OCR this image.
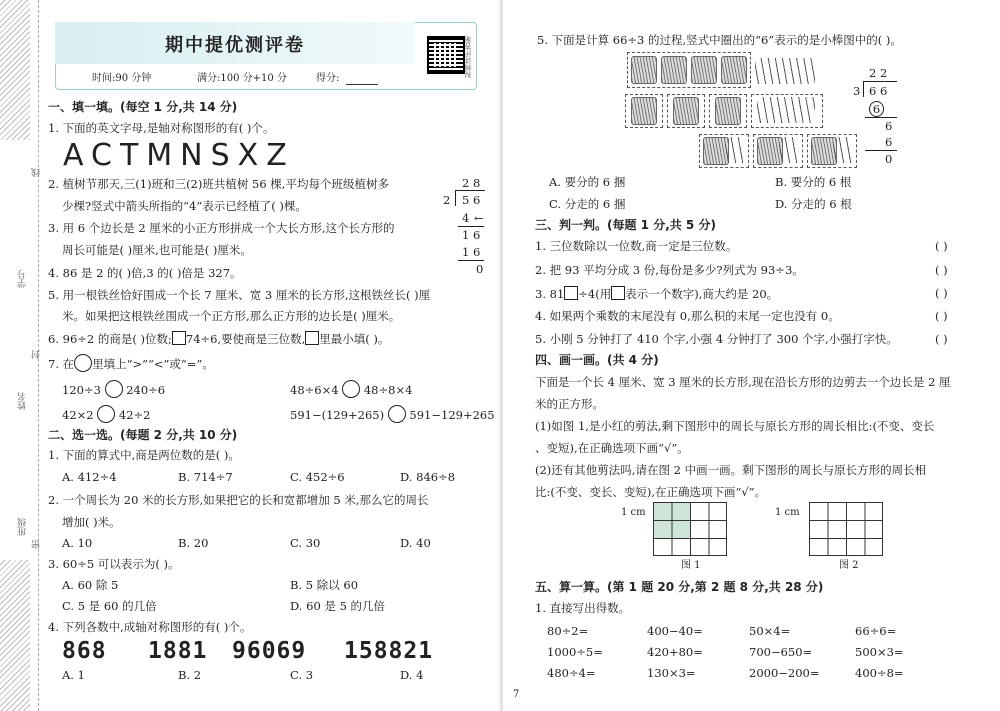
学号
姓名
班级
线
封
密
期中提优测评卷
时间:90 分钟	满分:100 分+10 分	得分:
视频讲评答案
一、填一填。(每空 1 分,共 14 分)
1. 下面的英文字母,是轴对称图形的有( )个。
ACTMNSXZ
2. 植树节那天,三(1)班和三(2)班共植树 56 棵,平均每个班级植树多
少棵?竖式中箭头所指的“4”表示已经植了( )棵。
3. 用 6 个边长是 2 厘米的小正方形拼成一个大长方形,这个长方形的
周长可能是( )厘米,也可能是( )厘米。
2 8
2 5 6
4 ←
1 6
1 6
0
4. 86 是 2 的( )倍,3 的( )倍是 327。
5. 用一根铁丝恰好围成一个长 7 厘米、宽 3 厘米的长方形,这根铁丝长( )厘
米。如果把这根铁丝围成一个正方形,那么正方形的边长是( )厘米。
6. 96÷2 的商是( )位数; 74÷6,要使商是三位数, 里最小填( )。
7. 在 里填上“>”“<”或“=”。
120÷3 240÷6	48÷6×4 48÷8×4
42×2 42÷2	591−(129+265) 591−129+265
二、选一选。(每题 2 分,共 10 分)
1. 下面的算式中,商是两位数的是( )。
A. 412÷4	B. 714÷7	C. 452÷6	D. 846÷8
2. 一个周长为 20 米的长方形,如果把它的长和宽都增加 5 米,那么它的周长
增加( )米。
A. 10	B. 20	C. 30	D. 40
3. 60÷5 可以表示为( )。
A. 60 除 5	B. 5 除以 60
C. 5 是 60 的几倍	D. 60 是 5 的几倍
4. 下列各数中,成轴对称图形的有( )个。
868 1881 96069 158821
A. 1	B. 2	C. 3	D. 4
5. 下面是计算 66÷3 的过程,竖式中圈出的“6”表示的是小棒图中的( )。
2 2
3 6 6
6
6
6
0
A. 要分的 6 捆	B. 要分的 6 根
C. 分走的 6 捆	D. 分走的 6 根
三、判一判。(每题 1 分,共 5 分)
1. 三位数除以一位数,商一定是三位数。
2. 把 93 平均分成 3 份,每份是多少?列式为 93÷3。
3. 81 ÷4(用 表示一个数字),商大约是 20。
4. 如果两个乘数的末尾没有 0,那么积的末尾一定也没有 0。
5. 小刚 5 分钟打了 410 个字,小强 4 分钟打了 300 个字,小强打字快。
( )
( )
( )
( )
( )
四、画一画。(共 4 分)
下面是一个长 4 厘米、宽 3 厘米的长方形,现在沿长方形的边剪去一个边长是 2 厘
米的正方形。
(1)如图 1,是小红的剪法,剩下图形中的周长与原长方形的周长相比:(不变、变长
、变短),在正确选项下画“√”。
(2)还有其他剪法吗,请在图 2 中画一画。剩下图形的周长与原长方形的周长相
比:(不变、变长、变短),在正确选项下画“√”。
1 cm
图 1
1 cm
图 2
五、算一算。(第 1 题 20 分,第 2 题 8 分,共 28 分)
1. 直接写出得数。
80÷2=	400−40=	50×4=	66÷6=
1000÷5=	420+80=	700−650=	500×3=
480÷4=	130×3=	2000−200=	400÷8=
7
